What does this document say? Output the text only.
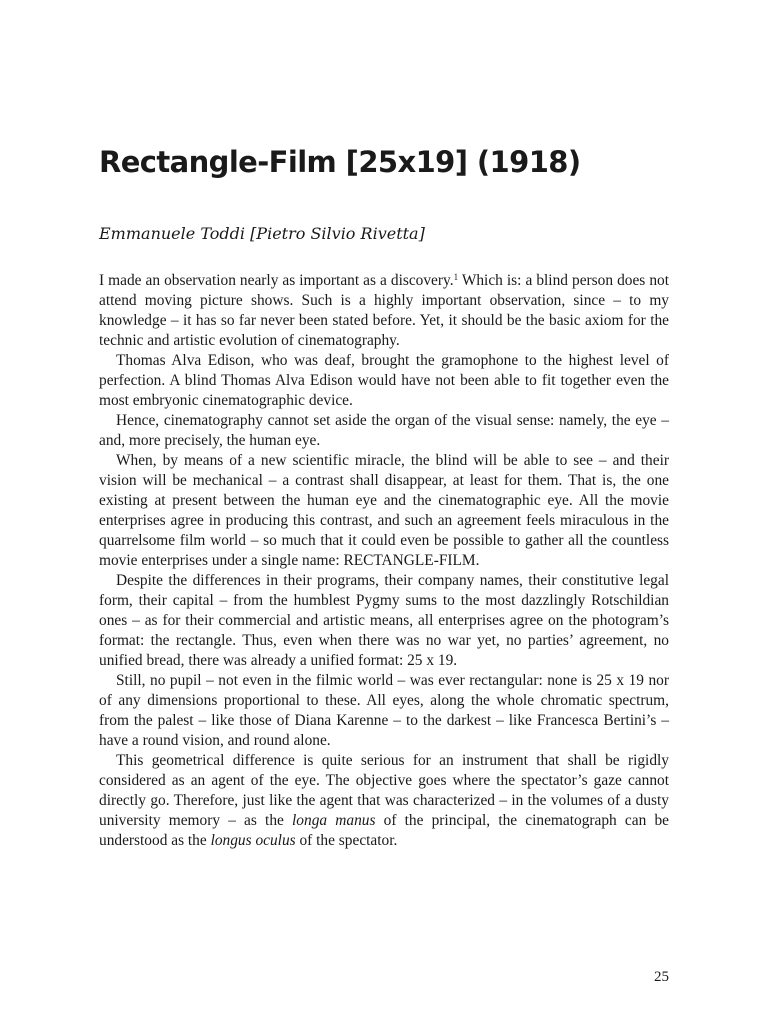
Rectangle-Film [25x19] (1918)
Emmanuele Toddi [Pietro Silvio Rivetta]

I made an observation nearly as important as a discovery.$^1$ Which is: a blind person does not attend moving picture shows. Such is a highly important observation, since – to my knowledge – it has so far never been stated before. Yet, it should be the basic axiom for the technic and artistic evolution of cinematography.

Thomas Alva Edison, who was deaf, brought the gramophone to the highest level of perfection. A blind Thomas Alva Edison would have not been able to fit together even the most embryonic cinematographic device.

Hence, cinematography cannot set aside the organ of the visual sense: namely, the eye – and, more precisely, the human eye.

When, by means of a new scientific miracle, the blind will be able to see – and their vision will be mechanical – a contrast shall disappear, at least for them. That is, the one existing at present between the human eye and the cinematographic eye. All the movie enterprises agree in producing this contrast, and such an agreement feels miraculous in the quarrelsome film world – so much that it could even be possible to gather all the countless movie enterprises under a single name: RECTANGLE-FILM.

Despite the differences in their programs, their company names, their constitutive legal form, their capital – from the humblest Pygmy sums to the most dazzlingly Rotschildian ones – as for their commercial and artistic means, all enterprises agree on the photogram’s format: the rectangle. Thus, even when there was no war yet, no parties’ agreement, no unified bread, there was already a unified format: 25 x 19.

Still, no pupil – not even in the filmic world – was ever rectangular: none is 25 x 19 nor of any dimensions proportional to these. All eyes, along the whole chromatic spectrum, from the palest – like those of Diana Karenne – to the darkest – like Francesca Bertini’s – have a round vision, and round alone.

This geometrical difference is quite serious for an instrument that shall be rigidly considered as an agent of the eye. The objective goes where the spectator’s gaze cannot directly go. Therefore, just like the agent that was characterized – in the volumes of a dusty university memory – as the longa manus of the principal, the cinematograph can be understood as the longus oculus of the spectator.

25
